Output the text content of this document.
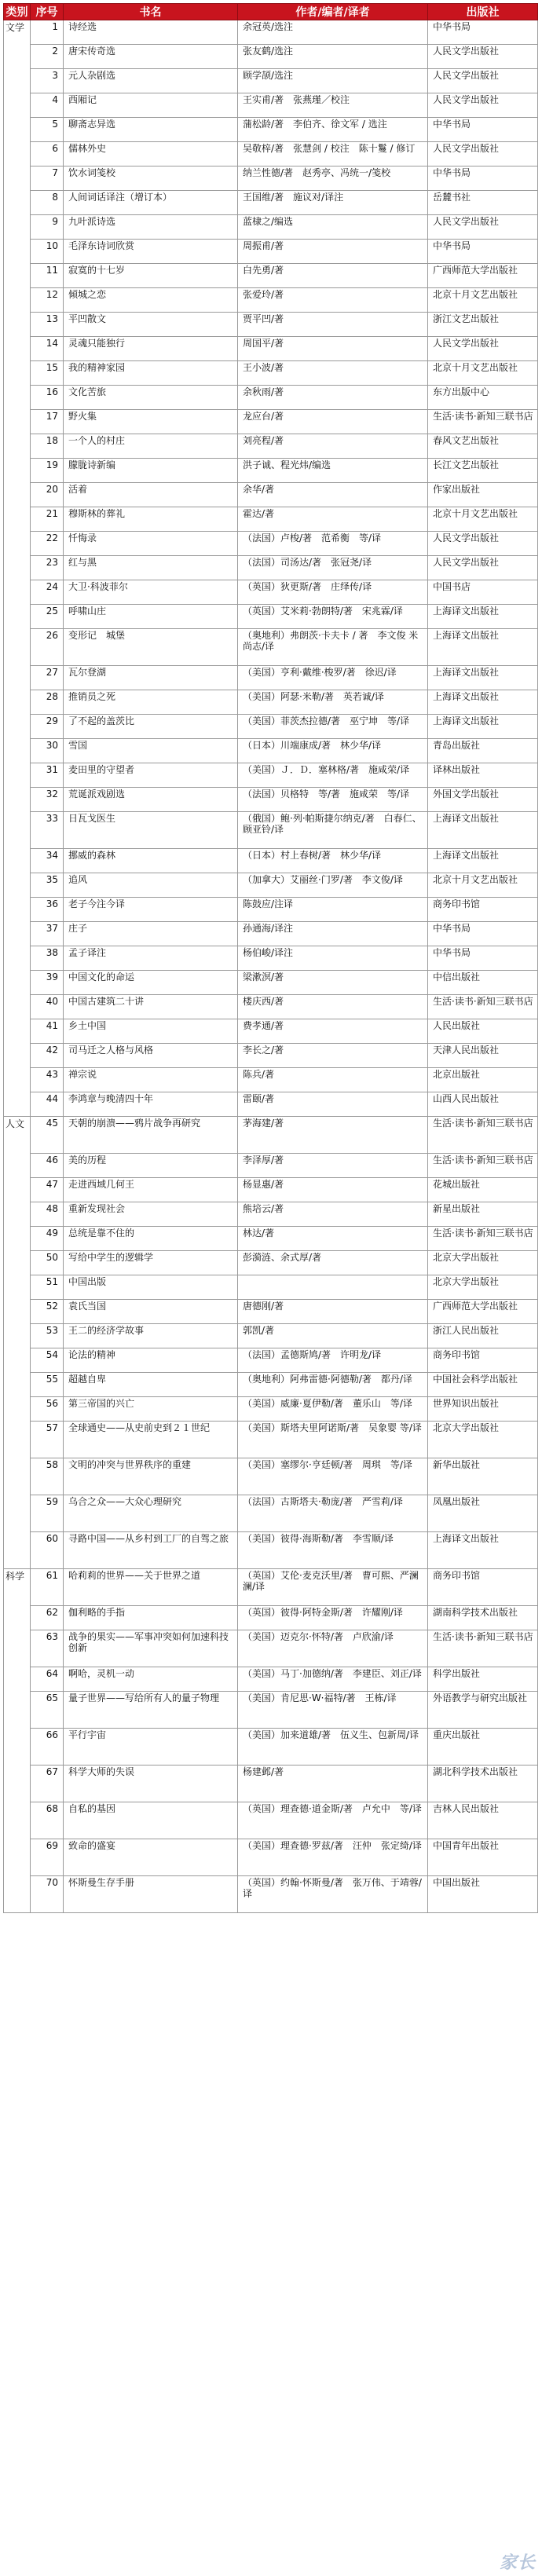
类别	序号	书名	作者/编者/译者	出版社
文学	1	诗经选	余冠英/选注	中华书局
	2	唐宋传奇选	张友鹤/选注	人民文学出版社
	3	元人杂剧选	顾学颉/选注	人民文学出版社
	4	西厢记	王实甫/著　张燕瑾／校注	人民文学出版社
	5	聊斋志异选	蒲松龄/著　李伯齐、徐文军 / 选注	中华书局
	6	儒林外史	吴敬梓/著　张慧剑 / 校注　陈十鬘 / 修订	人民文学出版社
	7	饮水词笺校	纳兰性德/著　赵秀亭、冯统一/笺校	中华书局
	8	人间词话译注（增订本）	王国维/著　施议对/译注	岳麓书社
	9	九叶派诗选	蓝棣之/编选	人民文学出版社
	10	毛泽东诗词欣赏	周振甫/著	中华书局
	11	寂寞的十七岁	白先勇/著	广西师范大学出版社
	12	倾城之恋	张爱玲/著	北京十月文艺出版社
	13	平凹散文	贾平凹/著	浙江文艺出版社
	14	灵魂只能独行	周国平/著	人民文学出版社
	15	我的精神家园	王小波/著	北京十月文艺出版社
	16	文化苦旅	余秋雨/著	东方出版中心
	17	野火集	龙应台/著	生活·读书·新知三联书店
	18	一个人的村庄	刘亮程/著	春风文艺出版社
	19	朦胧诗新编	洪子诚、程光炜/编选	长江文艺出版社
	20	活着	余华/著	作家出版社
	21	穆斯林的葬礼	霍达/著	北京十月文艺出版社
	22	忏悔录	（法国）卢梭/著　范希衡　等/译	人民文学出版社
	23	红与黑	（法国）司汤达/著　张冠尧/译	人民文学出版社
	24	大卫·科波菲尔	（英国）狄更斯/著　庄绎传/译	中国书店
	25	呼啸山庄	（英国）艾米莉·勃朗特/著　宋兆霖/译	上海译文出版社
	26	变形记　城堡	（奥地利）弗朗茨·卡夫卡 / 著　李文俊 米尚志/译	上海译文出版社
	27	瓦尔登湖	（美国）亨利·戴维·梭罗/著　徐迟/译	上海译文出版社
	28	推销员之死	（美国）阿瑟·米勒/著　英若诚/译	上海译文出版社
	29	了不起的盖茨比	（美国）菲茨杰拉德/著　巫宁坤　等/译	上海译文出版社
	30	雪国	（日本）川端康成/著　林少华/译	青岛出版社
	31	麦田里的守望者	（美国）Ｊ．Ｄ．塞林格/著　施咸荣/译	译林出版社
	32	荒诞派戏剧选	（法国）贝格特　等/著　施咸荣　等/译	外国文学出版社
	33	日瓦戈医生	（俄国）鲍·列·帕斯捷尔纳克/著　白春仁、顾亚铃/译	上海译文出版社
	34	挪威的森林	（日本）村上春树/著　林少华/译	上海译文出版社
	35	追风	（加拿大）艾丽丝·门罗/著　李文俊/译	北京十月文艺出版社
	36	老子今注今译	陈鼓应/注译	商务印书馆
	37	庄子	孙通海/译注	中华书局
	38	孟子译注	杨伯峻/译注	中华书局
	39	中国文化的命运	梁漱溟/著	中信出版社
	40	中国古建筑二十讲	楼庆西/著	生活·读书·新知三联书店
	41	乡土中国	费孝通/著	人民出版社
	42	司马迁之人格与风格	李长之/著	天津人民出版社
	43	禅宗说	陈兵/著	北京出版社
	44	李鸿章与晚清四十年	雷颐/著	山西人民出版社
人文	45	天朝的崩溃——鸦片战争再研究	茅海建/著	生活·读书·新知三联书店
	46	美的历程	李泽厚/著	生活·读书·新知三联书店
	47	走进西域几何王	杨显惠/著	花城出版社
	48	重新发现社会	熊培云/著	新星出版社
	49	总统是靠不住的	林达/著	生活·读书·新知三联书店
	50	写给中学生的逻辑学	彭漪涟、余式厚/著	北京大学出版社
	51	中国出版		北京大学出版社
	52	袁氏当国	唐德刚/著	广西师范大学出版社
	53	王二的经济学故事	郭凯/著	浙江人民出版社
	54	论法的精神	（法国）孟德斯鸠/著　许明龙/译	商务印书馆
	55	超越自卑	（奥地利）阿弗雷德·阿德勒/著　都丹/译	中国社会科学出版社
	56	第三帝国的兴亡	（美国）威廉·夏伊勒/著　董乐山　等/译	世界知识出版社
	57	全球通史——从史前史到２１世纪	（美国）斯塔夫里阿诺斯/著　吴象婴 等/译	北京大学出版社
	58	文明的冲突与世界秩序的重建	（美国）塞缪尔·亨廷顿/著　周琪　等/译	新华出版社
	59	乌合之众——大众心理研究	（法国）古斯塔夫·勒庞/著　严雪莉/译	凤凰出版社
	60	寻路中国——从乡村到工厂的自驾之旅	（美国）彼得·海斯勒/著　李雪顺/译	上海译文出版社
科学	61	哈莉莉的世界——关于世界之道	（英国）艾伦·麦克沃里/著　曹可熙、严澜澜/译	商务印书馆
	62	伽利略的手指	（英国）彼得·阿特金斯/著　许耀刚/译	湖南科学技术出版社
	63	战争的果实——军事冲突如何加速科技创新	（美国）迈克尔·怀特/著　卢欣渝/译	生活·读书·新知三联书店
	64	啊哈，灵机一动	（美国）马丁·加德纳/著　李建臣、刘正/译	科学出版社
	65	量子世界——写给所有人的量子物理	（美国）肯尼思·W·福特/著　王栋/译	外语教学与研究出版社
	66	平行宇宙	（美国）加来道雄/著　伍义生、包新周/译	重庆出版社
	67	科学大师的失误	杨建邺/著	湖北科学技术出版社
	68	自私的基因	（英国）理查德·道金斯/著　卢允中　等/译	吉林人民出版社
	69	致命的盛宴	（美国）理查德·罗兹/著　汪仲　张定绮/译	中国青年出版社
	70	怀斯曼生存手册	（英国）约翰·怀斯曼/著　张万伟、于靖蓉/译	中国出版社
家长
